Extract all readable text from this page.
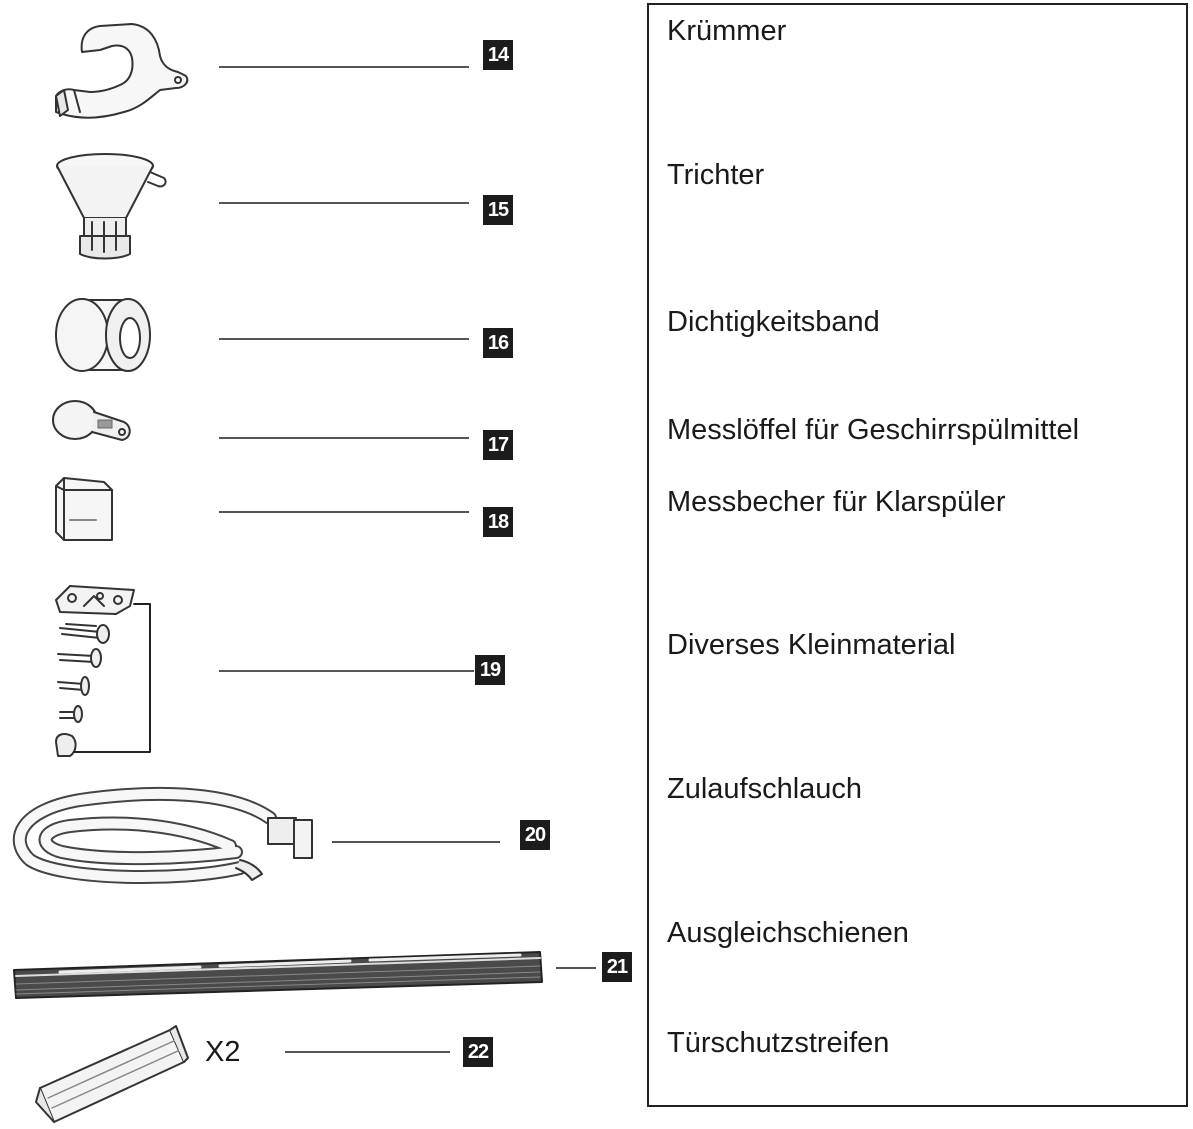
14
15
16
17
18
19
20
21
22
X2
Krümmer
Trichter
Dichtigkeitsband
Messlöffel für Geschirrspülmittel
Messbecher für Klarspüler
Diverses Kleinmaterial
Zulaufschlauch
Ausgleichschienen
Türschutzstreifen
